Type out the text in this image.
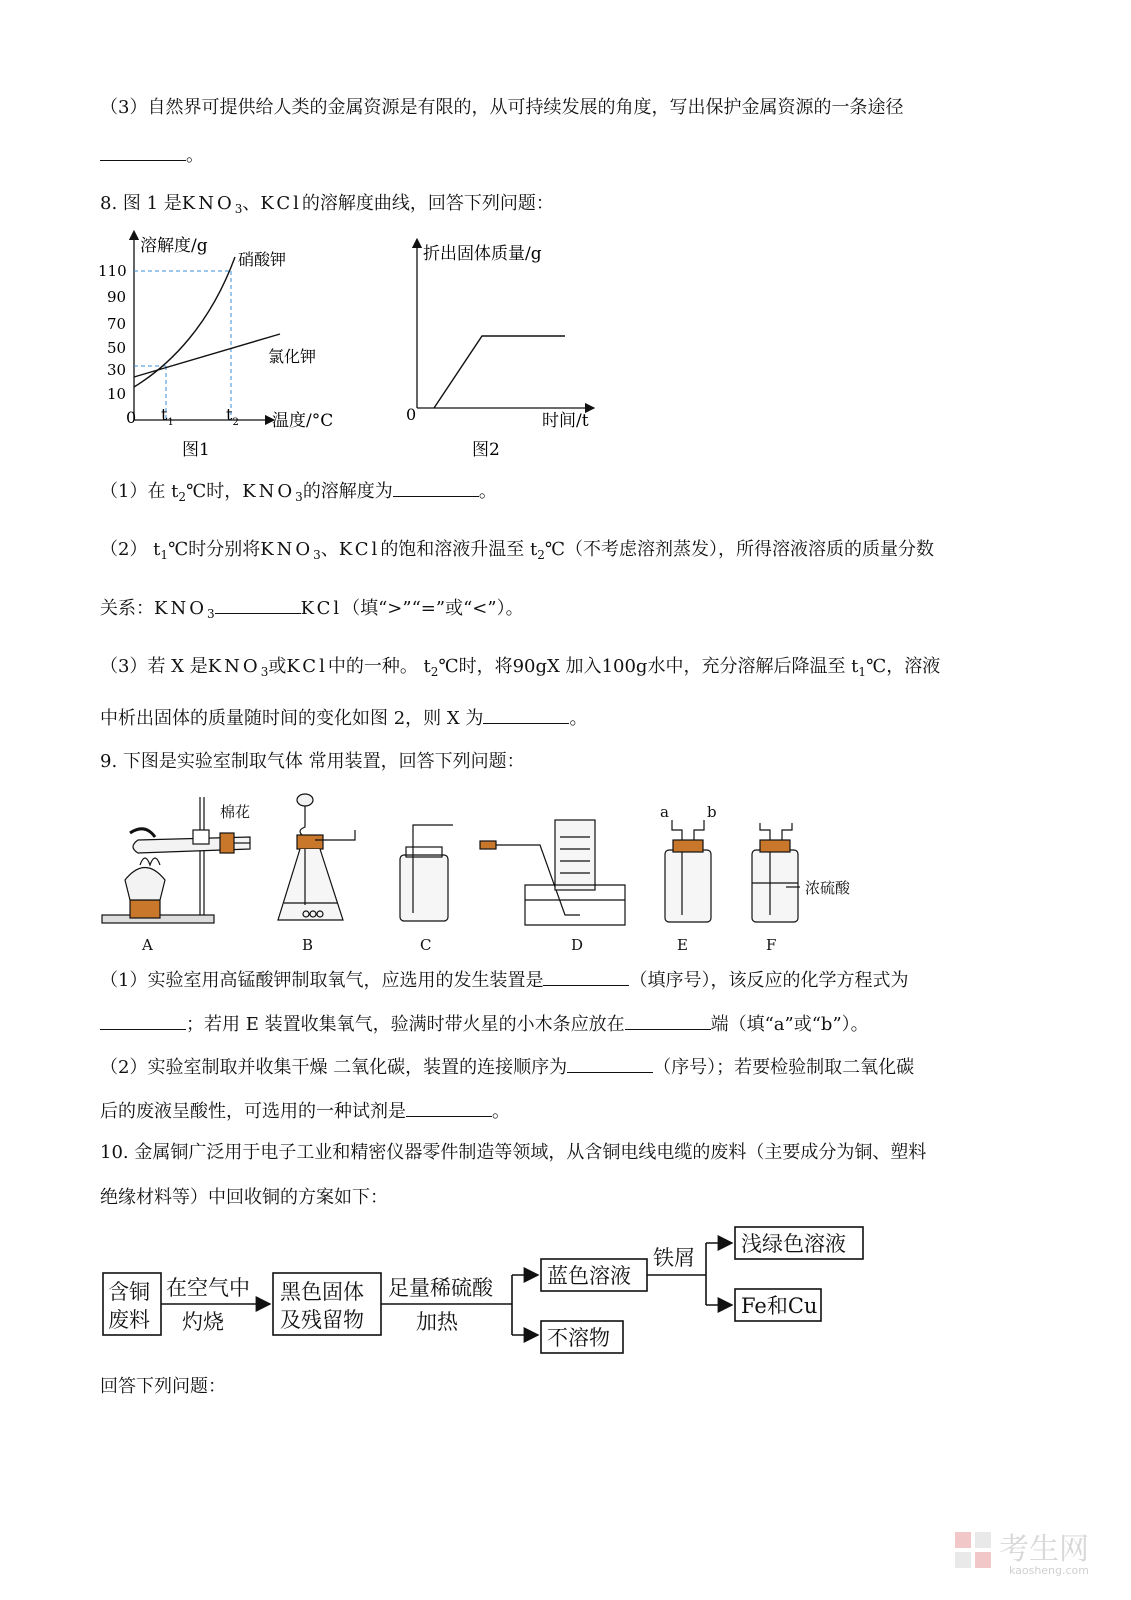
（3）自然界可提供给人类的金属资源是有限的，从可持续发展的角度，写出保护金属资源的一条途径
。
8. 图 1 是$KNO_3$、KCl的溶解度曲线，回答下列问题：
溶解度/g
温度/°C
0
110
90
70
50
30
10
硝酸钾
氯化钾
$t_1$	$t_2$
图1
折出固体质量/g
时间/t
0
图2
（1）在 $t_2℃$时，$KNO_3$的溶解度为	。
（2） $t_1℃$时分别将$KNO_3$、KCl的饱和溶液升温至 $t_2℃$（不考虑溶剂蒸发），所得溶液溶质的质量分数
关系：$KNO_3$	KCl（填“>”“=”或“<”）。
（3）若 X 是$KNO_3$或KCl中的一种。 $t_2℃$时，将90gX 加入100g水中，充分溶解后降温至 $t_1℃$，溶液
中析出固体的质量随时间的变化如图 2，则 X 为	。
9. 下图是实验室制取气体 常用装置，回答下列问题：
棉花	a	b
浓硫酸
A	B	C	D	E	F
（1）实验室用高锰酸钾制取氧气，应选用的发生装置是	（填序号），该反应的化学方程式为
；若用 E 装置收集氧气，验满时带火星的小木条应放在	端（填“a”或“b”）。
（2）实验室制取并收集干燥 二氧化碳，装置的连接顺序为	（序号）；若要检验制取二氧化碳
后的废液呈酸性，可选用的一种试剂是	。
10. 金属铜广泛用于电子工业和精密仪器零件制造等领域，从含铜电线电缆的废料（主要成分为铜、塑料
绝缘材料等）中回收铜的方案如下：
含铜
废料
在空气中
灼烧
黑色固体
及残留物
足量稀硫酸
加热
蓝色溶液
不溶物
铁屑
浅绿色溶液
Fe和Cu
回答下列问题：
考生网
kaosheng.com
